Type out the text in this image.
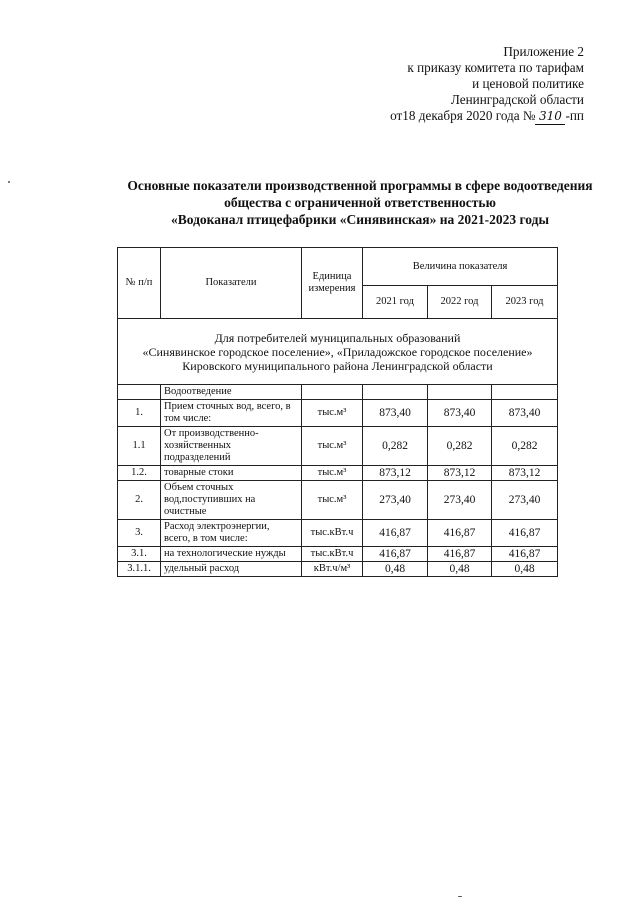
Приложение 2
к приказу комитета по тарифам
и ценовой политике
Ленинградской области
от18 декабря 2020 года № 310 -пп
Основные показатели производственной программы в сфере водоотведения
общества с ограниченной ответственностью
«Водоканал птицефабрики «Синявинская» на 2021-2023 годы
№ п/п	Показатели	Единица измерения	Величина показателя		
			2021 год	2022 год	2023 год

Для потребителей муниципальных образований
«Синявинское городское поселение», «Приладожское городское поселение»
Кировского муниципального района Ленинградской области					

	Водоотведение				
1.	Прием сточных вод, всего, в том числе:	тыс.м³	873,40	873,40	873,40
1.1	От производственно-хозяйственных подразделений	тыс.м³	0,282	0,282	0,282
1.2.	товарные стоки	тыс.м³	873,12	873,12	873,12
2.	Объем сточных вод,поступивших на очистные	тыс.м³	273,40	273,40	273,40
3.	Расход электроэнергии, всего, в том числе:	тыс.кВт.ч	416,87	416,87	416,87
3.1.	на технологические нужды	тыс.кВт.ч	416,87	416,87	416,87
3.1.1.	удельный расход	кВт.ч/м³	0,48	0,48	0,48
